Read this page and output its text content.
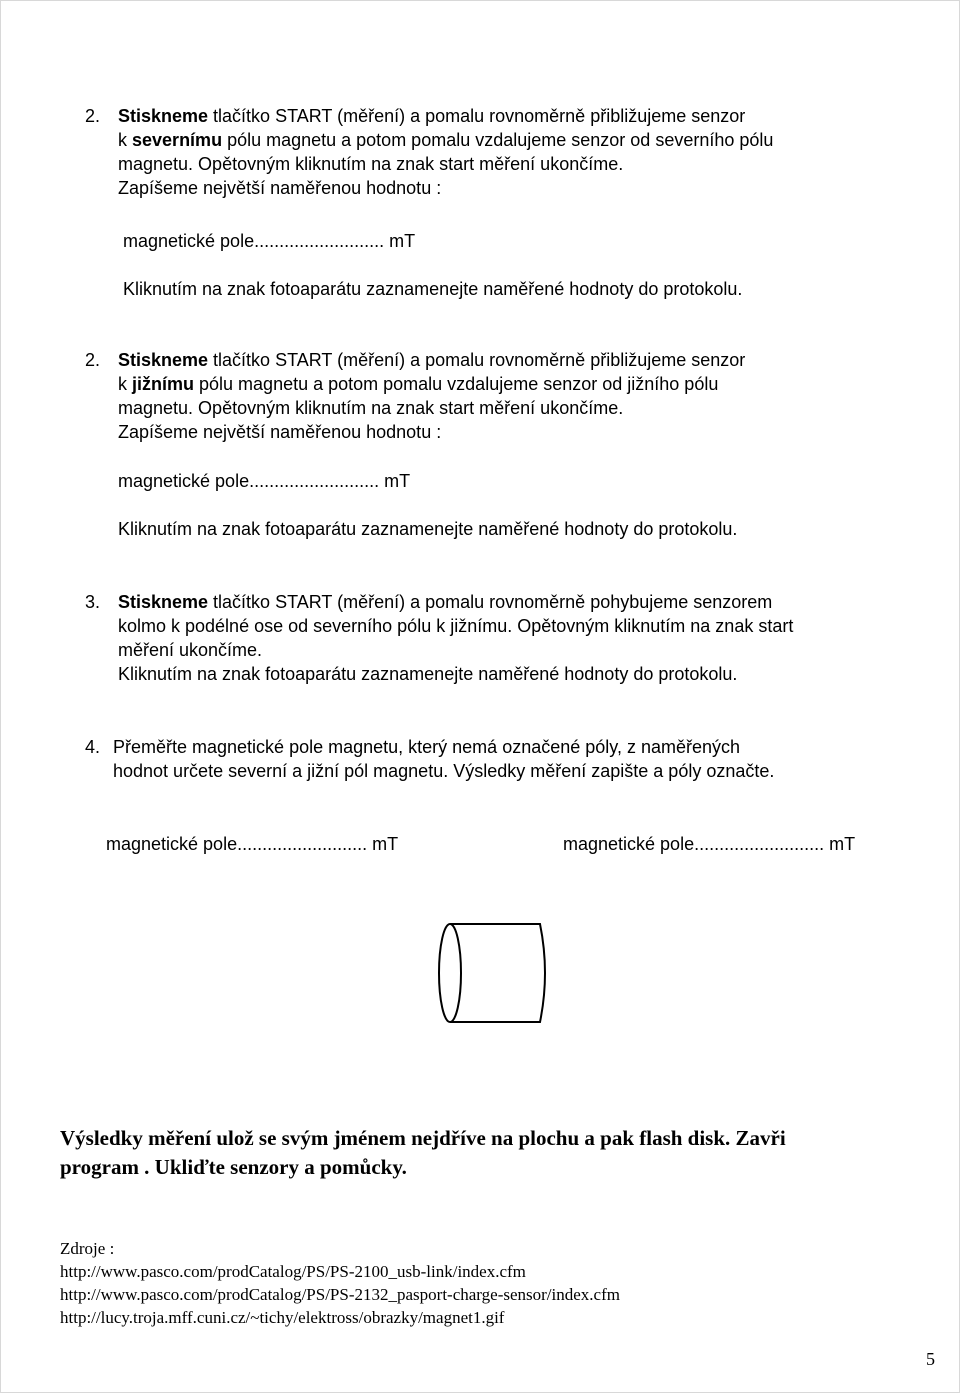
2. Stiskneme tlačítko START (měření) a pomalu rovnoměrně přibližujeme senzor
k severnímu pólu magnetu a potom pomalu vzdalujeme senzor od severního pólu
magnetu. Opětovným kliknutím na znak start měření ukončíme.
Zapíšeme největší naměřenou hodnotu :
magnetické pole.......................... mT
Kliknutím na znak fotoaparátu zaznamenejte naměřené hodnoty do protokolu.
2. Stiskneme tlačítko START (měření) a pomalu rovnoměrně přibližujeme senzor
k jižnímu pólu magnetu a potom pomalu vzdalujeme senzor od jižního pólu
magnetu. Opětovným kliknutím na znak start měření ukončíme.
Zapíšeme největší naměřenou hodnotu :
magnetické pole.......................... mT
Kliknutím na znak fotoaparátu zaznamenejte naměřené hodnoty do protokolu.
3. Stiskneme tlačítko START (měření) a pomalu rovnoměrně pohybujeme senzorem
kolmo k podélné ose od severního pólu k jižnímu. Opětovným kliknutím na znak start
měření ukončíme.
Kliknutím na znak fotoaparátu zaznamenejte naměřené hodnoty do protokolu.
4. Přeměřte magnetické pole magnetu, který nemá označené póly, z naměřených
hodnot určete severní a jižní pól magnetu. Výsledky měření zapište a póly označte.
magnetické pole.......................... mT	magnetické pole.......................... mT
Výsledky měření ulož se svým jménem nejdříve na plochu a pak flash disk. Zavři
program . Ukliďte senzory a pomůcky.
Zdroje :
http://www.pasco.com/prodCatalog/PS/PS-2100_usb-link/index.cfm
http://www.pasco.com/prodCatalog/PS/PS-2132_pasport-charge-sensor/index.cfm
http://lucy.troja.mff.cuni.cz/~tichy/elektross/obrazky/magnet1.gif
5
